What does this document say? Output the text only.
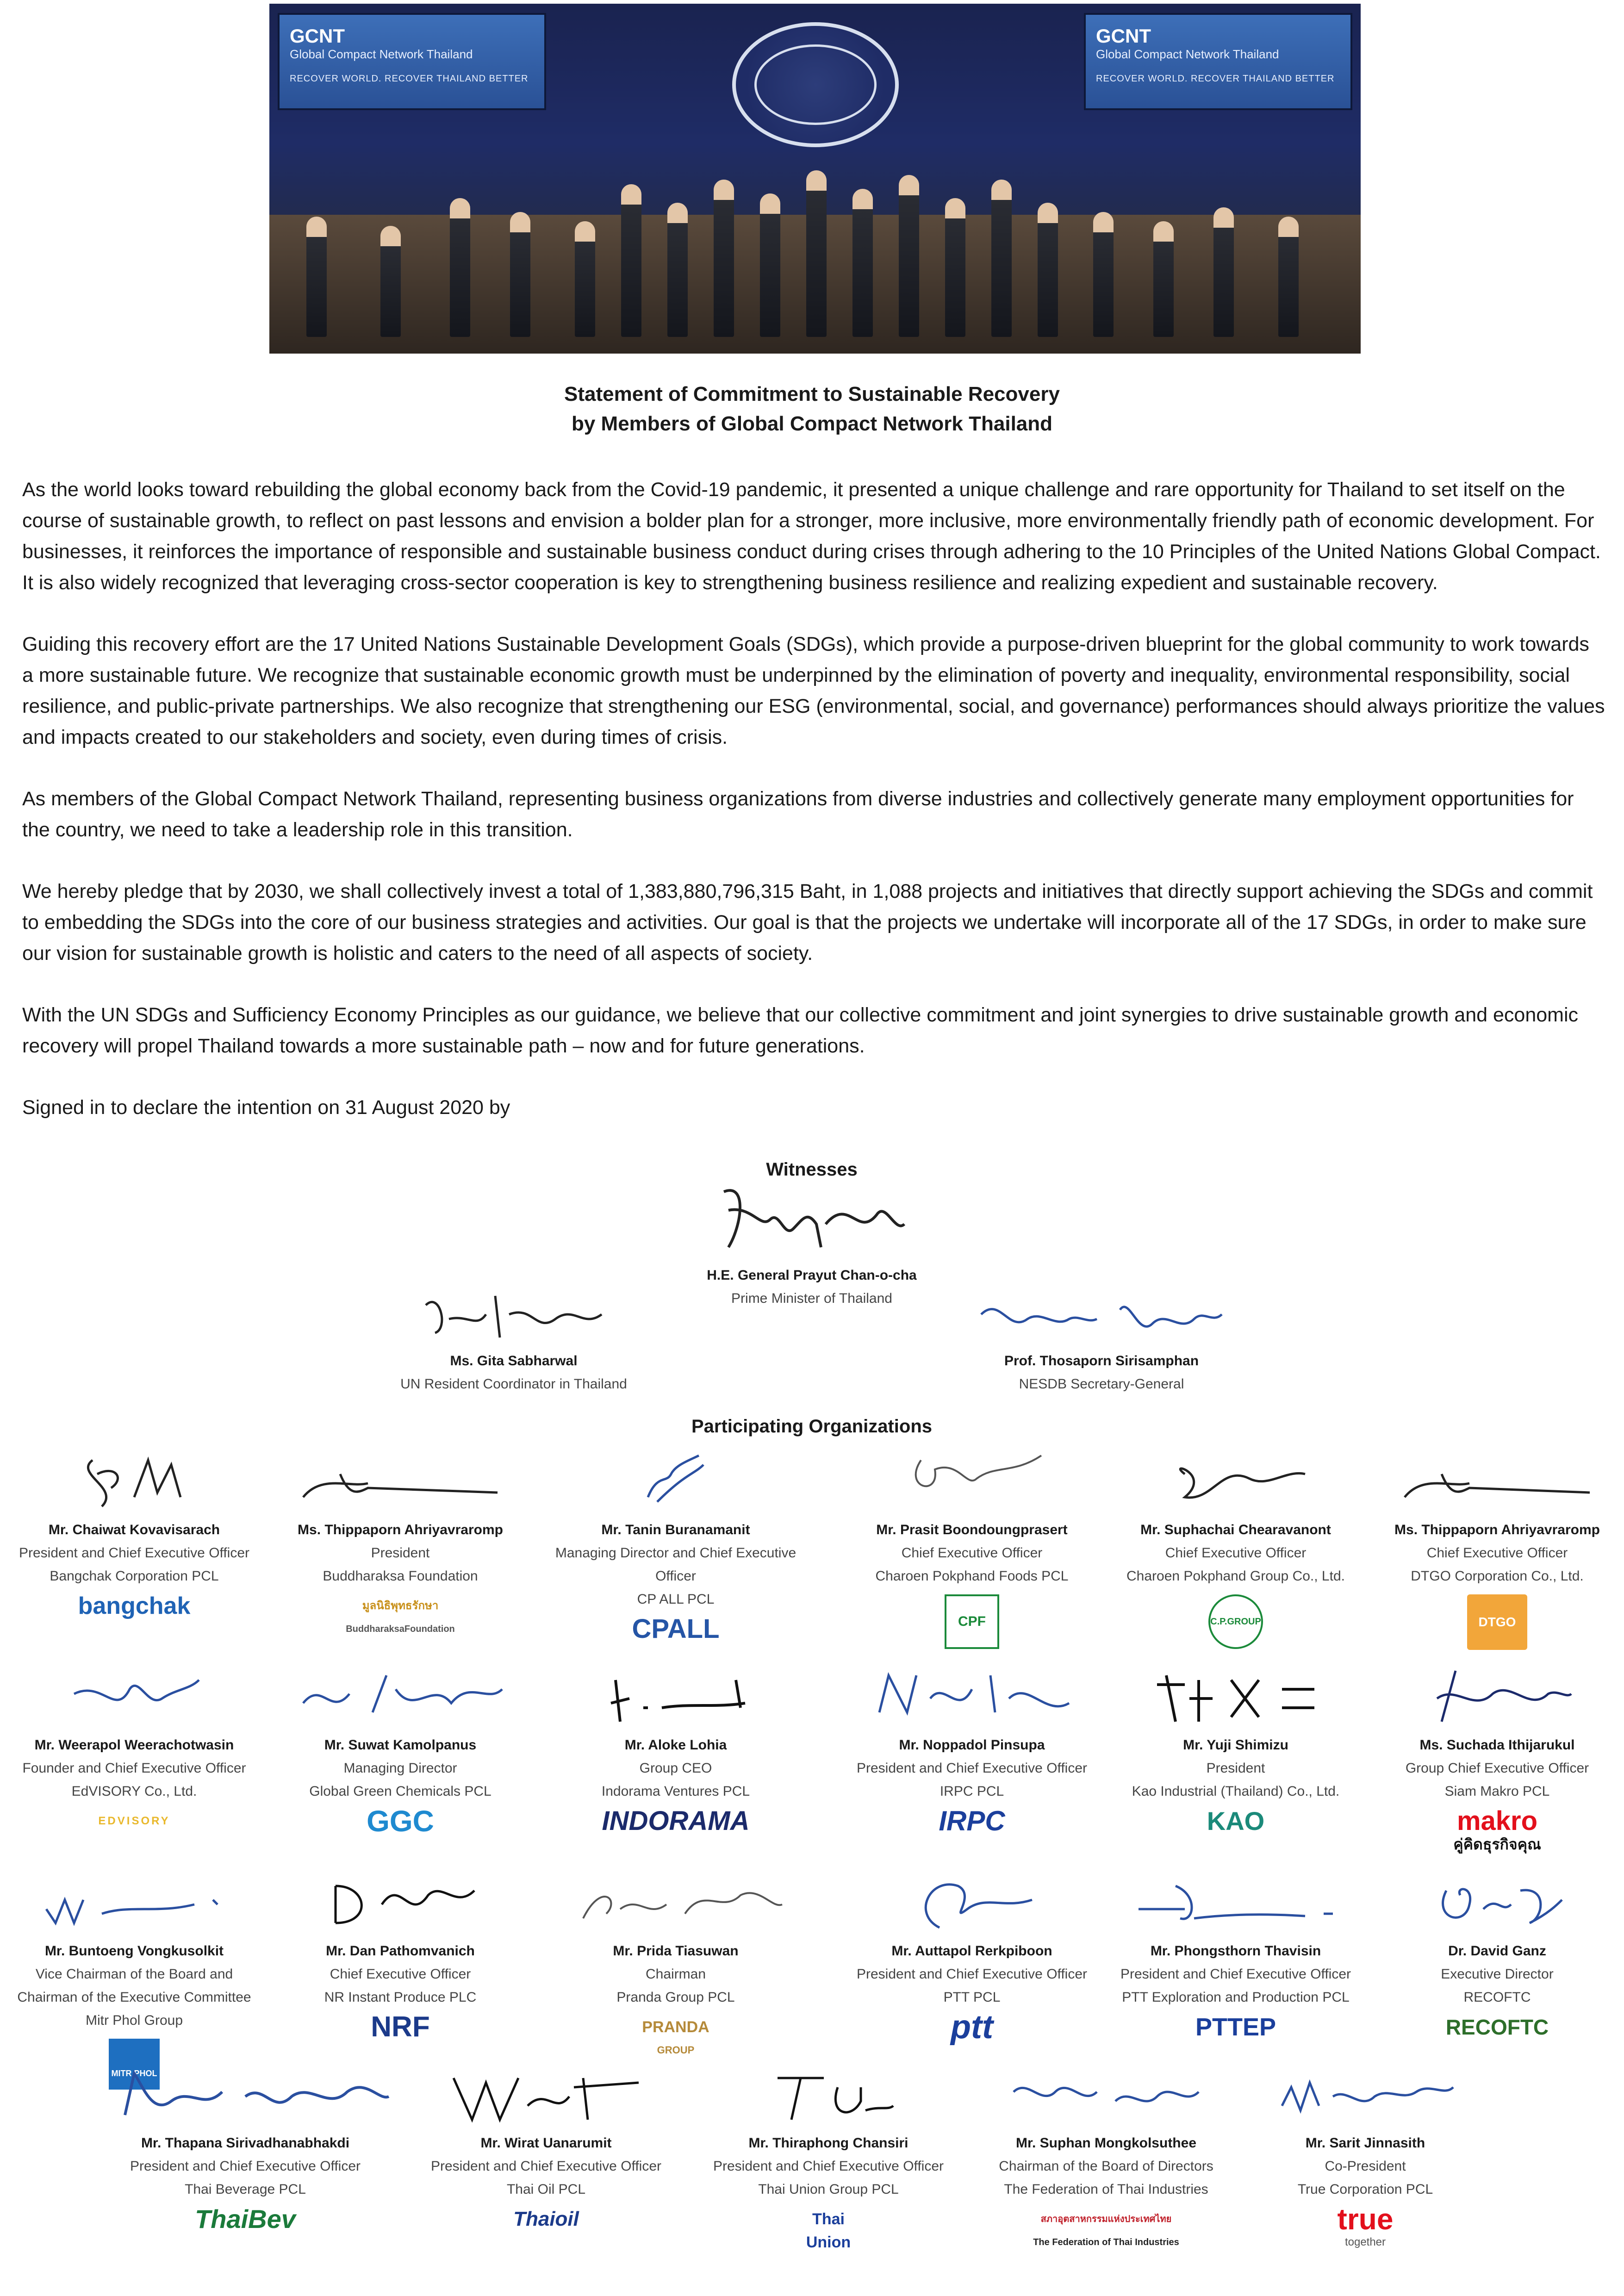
GCNT
Global Compact Network Thailand
RECOVER WORLD. RECOVER THAILAND BETTER
GCNT
Global Compact Network Thailand
RECOVER WORLD. RECOVER THAILAND BETTER
Statement of Commitment to Sustainable Recovery
by Members of Global Compact Network Thailand

As the world looks toward rebuilding the global economy back from the Covid-19 pandemic, it presented a unique challenge and rare opportunity for Thailand to set itself on the course of sustainable growth, to reflect on past lessons and envision a bolder plan for a stronger, more inclusive, more environmentally friendly path of economic development. For businesses, it reinforces the importance of responsible and sustainable business conduct during crises through adhering to the 10 Principles of the United Nations Global Compact. It is also widely recognized that leveraging cross-sector cooperation is key to strengthening business resilience and realizing expedient and sustainable recovery.

Guiding this recovery effort are the 17 United Nations Sustainable Development Goals (SDGs), which provide a purpose-driven blueprint for the global community to work towards a more sustainable future. We recognize that sustainable economic growth must be underpinned by the elimination of poverty and inequality, environmental responsibility, social resilience, and public-private partnerships. We also recognize that strengthening our ESG (environmental, social, and governance) performances should always prioritize the values and impacts created to our stakeholders and society, even during times of crisis.

As members of the Global Compact Network Thailand, representing business organizations from diverse industries and collectively generate many employment opportunities for the country, we need to take a leadership role in this transition.

We hereby pledge that by 2030, we shall collectively invest a total of 1,383,880,796,315 Baht, in 1,088 projects and initiatives that directly support achieving the SDGs and commit to embedding the SDGs into the core of our business strategies and activities. Our goal is that the projects we undertake will incorporate all of the 17 SDGs, in order to make sure our vision for sustainable growth is holistic and caters to the need of all aspects of society.

With the UN SDGs and Sufficiency Economy Principles as our guidance, we believe that our collective commitment and joint synergies to drive sustainable growth and economic recovery will propel Thailand towards a more sustainable path – now and for future generations.

Signed in to declare the intention on 31 August 2020 by

Witnesses
H.E. General Prayut Chan-o-cha
Prime Minister of Thailand
Ms. Gita Sabharwal
UN Resident Coordinator in Thailand
Prof. Thosaporn Sirisamphan
NESDB Secretary-General
Participating Organizations
Mr. Chaiwat Kovavisarach
President and Chief Executive Officer
Bangchak Corporation PCL
bangchak
Ms. Thippaporn Ahriyavraromp
President
Buddharaksa Foundation
มูลนิธิพุทธรักษา
BuddharaksaFoundation
Mr. Tanin Buranamanit
Managing Director and Chief Executive Officer
CP ALL PCL
CPALL
Mr. Prasit Boondoungprasert
Chief Executive Officer
Charoen Pokphand Foods PCL
CPF
Mr. Suphachai Chearavanont
Chief Executive Officer
Charoen Pokphand Group Co., Ltd.
C.P.GROUP
Ms. Thippaporn Ahriyavraromp
Chief Executive Officer
DTGO Corporation Co., Ltd.
DTGO
Mr. Weerapol Weerachotwasin
Founder and Chief Executive Officer
EdVISORY Co., Ltd.
EDVISORY
Mr. Suwat Kamolpanus
Managing Director
Global Green Chemicals PCL
GGC
Mr. Aloke Lohia
Group CEO
Indorama Ventures PCL
INDORAMA
Mr. Noppadol Pinsupa
President and Chief Executive Officer
IRPC PCL
IRPC
Mr. Yuji Shimizu
President
Kao Industrial (Thailand) Co., Ltd.
KAO
Ms. Suchada Ithijarukul
Group Chief Executive Officer
Siam Makro PCL
makro
คู่คิดธุรกิจคุณ
Mr. Buntoeng Vongkusolkit
Vice Chairman of the Board and
Chairman of the Executive Committee
Mitr Phol Group
MITR PHOL
Mr. Dan Pathomvanich
Chief Executive Officer
NR Instant Produce PLC
NRF
Mr. Prida Tiasuwan
Chairman
Pranda Group PCL
PRANDA
GROUP
Mr. Auttapol Rerkpiboon
President and Chief Executive Officer
PTT PCL
ptt
Mr. Phongsthorn Thavisin
President and Chief Executive Officer
PTT Exploration and Production PCL
PTTEP
Dr. David Ganz
Executive Director
RECOFTC
RECOFTC
Mr. Thapana Sirivadhanabhakdi
President and Chief Executive Officer
Thai Beverage PCL
ThaiBev
Mr. Wirat Uanarumit
President and Chief Executive Officer
Thai Oil PCL
Thaioil
Mr. Thiraphong Chansiri
President and Chief Executive Officer
Thai Union Group PCL
Thai
Union
Mr. Suphan Mongkolsuthee
Chairman of the Board of Directors
The Federation of Thai Industries
สภาอุตสาหกรรมแห่งประเทศไทย
The Federation of Thai Industries
Mr. Sarit Jinnasith
Co-President
True Corporation PCL
true
together
